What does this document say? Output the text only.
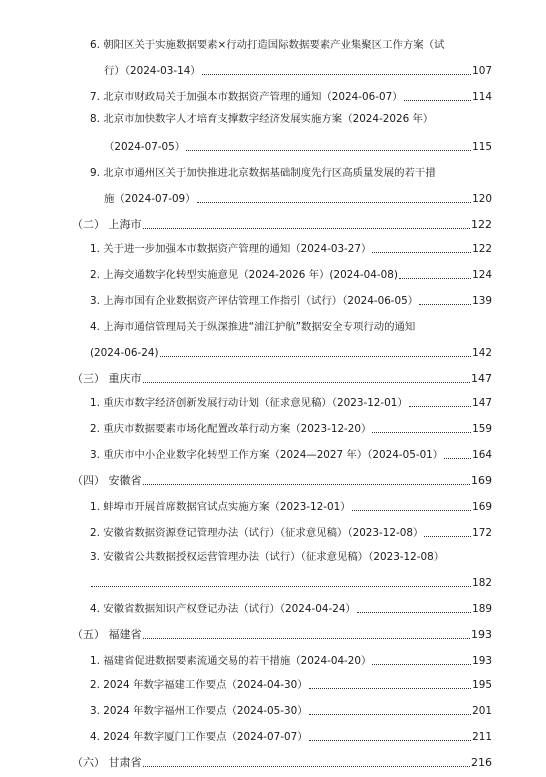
6. 朝阳区关于实施数据要素×行动打造国际数据要素产业集聚区工作方案（试
行）（2024-03-14）	107
7. 北京市财政局关于加强本市数据资产管理的通知（2024-06-07）	114
8. 北京市加快数字人才培育支撑数字经济发展实施方案（2024-2026 年）
（2024-07-05）	115
9. 北京市通州区关于加快推进北京数据基础制度先行区高质量发展的若干措
施（2024-07-09）	120
（二） 上海市	122
1. 关于进一步加强本市数据资产管理的通知（2024-03-27）	122
2. 上海交通数字化转型实施意见（2024-2026 年）(2024-04-08)	124
3. 上海市国有企业数据资产评估管理工作指引（试行）（2024-06-05）	139
4. 上海市通信管理局关于纵深推进“浦江护航”数据安全专项行动的通知
(2024-06-24)	142
（三） 重庆市	147
1. 重庆市数字经济创新发展行动计划（征求意见稿）（2023-12-01）	147
2. 重庆市数据要素市场化配置改革行动方案（2023-12-20）	159
3. 重庆市中小企业数字化转型工作方案（2024—2027 年）（2024-05-01）	164
（四） 安徽省	169
1. 蚌埠市开展首席数据官试点实施方案（2023-12-01）	169
2. 安徽省数据资源登记管理办法（试行）（征求意见稿）（2023-12-08）	172
3. 安徽省公共数据授权运营管理办法（试行）（征求意见稿）（2023-12-08）
182
4. 安徽省数据知识产权登记办法（试行）（2024-04-24）	189
（五） 福建省	193
1. 福建省促进数据要素流通交易的若干措施（2024-04-20）	193
2. 2024 年数字福建工作要点（2024-04-30）	195
3. 2024 年数字福州工作要点（2024-05-30）	201
4. 2024 年数字厦门工作要点（2024-07-07）	211
（六） 甘肃省	216
